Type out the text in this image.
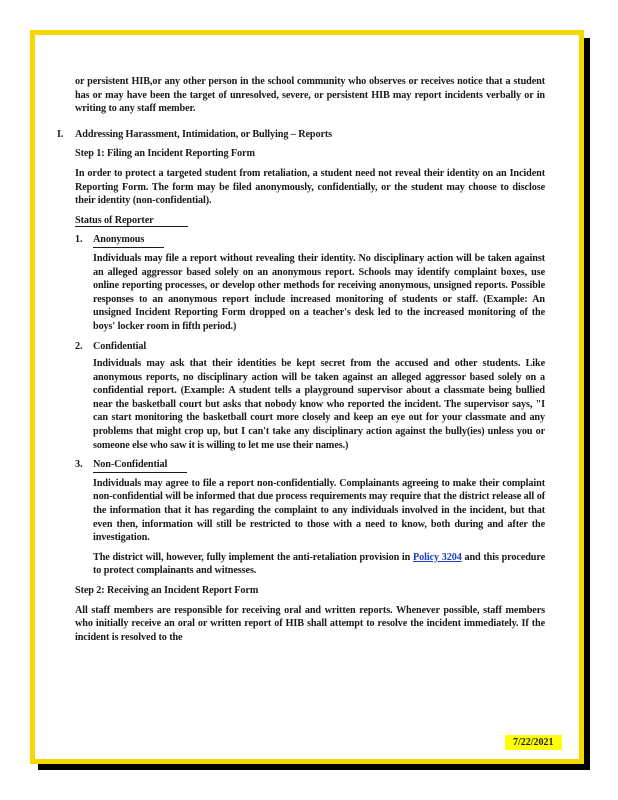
or persistent HIB,or any other person in the school community who observes or receives notice that a student has or may have been the target of unresolved, severe, or persistent HIB may report incidents verbally or in writing to any staff member.

I.	Addressing Harassment, Intimidation, or Bullying – Reports
Step 1: Filing an Incident Reporting Form

In order to protect a targeted student from retaliation, a student need not reveal their identity on an Incident Reporting Form. The form may be filed anonymously, confidentially, or the student may choose to disclose their identity (non-confidential).

Status of Reporter
1.	Anonymous

Individuals may file a report without revealing their identity. No disciplinary action will be taken against an alleged aggressor based solely on an anonymous report. Schools may identify complaint boxes, use online reporting processes, or develop other methods for receiving anonymous, unsigned reports. Possible responses to an anonymous report include increased monitoring of students or staff. (Example: An unsigned Incident Reporting Form dropped on a teacher's desk led to the increased monitoring of the boys' locker room in fifth period.)

2.	Confidential

Individuals may ask that their identities be kept secret from the accused and other students. Like anonymous reports, no disciplinary action will be taken against an alleged aggressor based solely on a confidential report. (Example: A student tells a playground supervisor about a classmate being bullied near the basketball court but asks that nobody know who reported the incident. The supervisor says, "I can start monitoring the basketball court more closely and keep an eye out for your classmate and any problems that might crop up, but I can't take any disciplinary action against the bully(ies) unless you or someone else who saw it is willing to let me use their names.)

3.	Non-Confidential

Individuals may agree to file a report non-confidentially. Complainants agreeing to make their complaint non-confidential will be informed that due process requirements may require that the district release all of the information that it has regarding the complaint to any individuals involved in the incident, but that even then, information will still be restricted to those with a need to know, both during and after the investigation.

The district will, however, fully implement the anti-retaliation provision in Policy 3204 and this procedure to protect complainants and witnesses.

Step 2: Receiving an Incident Report Form

All staff members are responsible for receiving oral and written reports. Whenever possible, staff members who initially receive an oral or written report of HIB shall attempt to resolve the incident immediately. If the incident is resolved to the

7/22/2021
